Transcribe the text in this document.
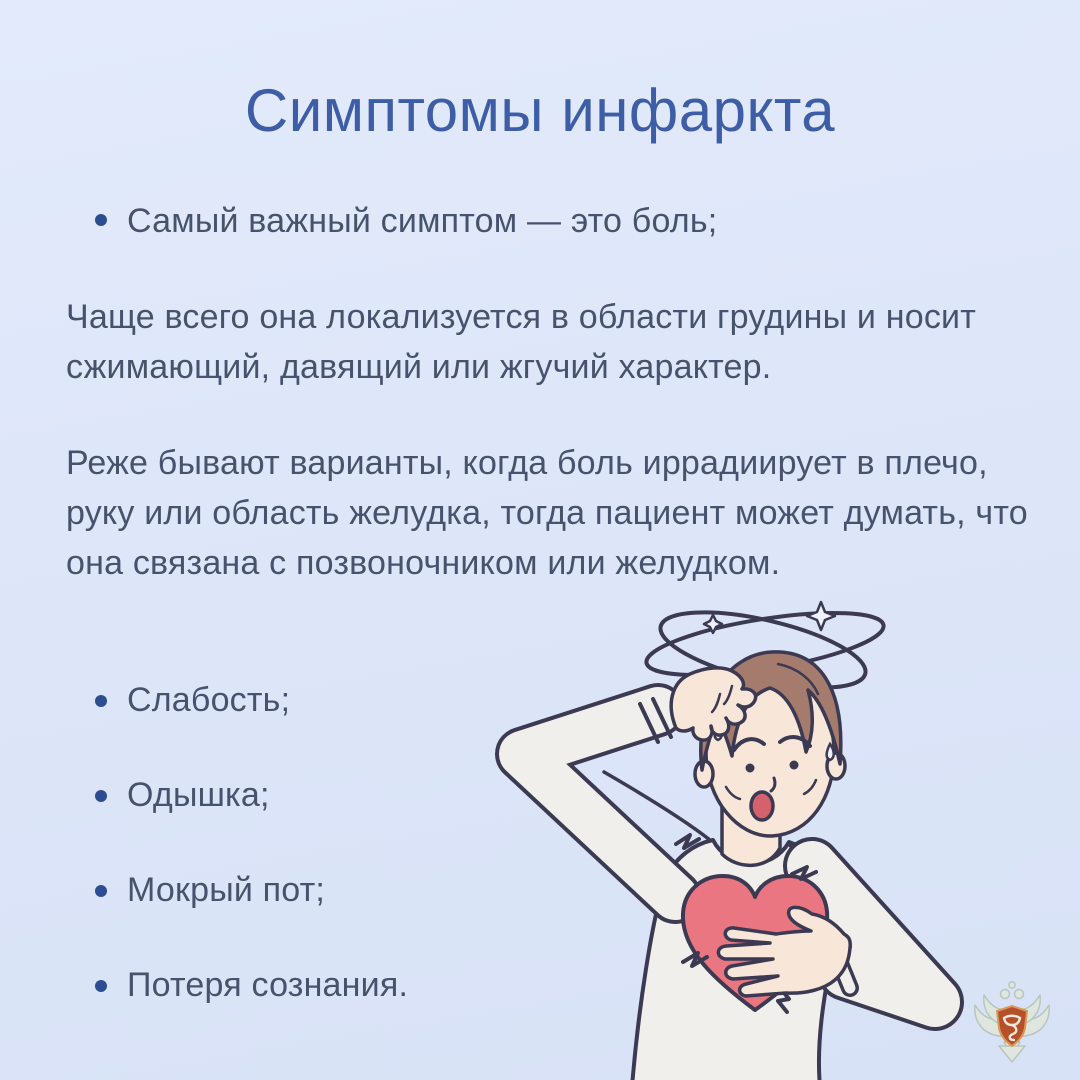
Симптомы инфаркта
Самый важный симптом — это боль;

Чаще всего она локализуется в области грудины и носит сжимающий, давящий или жгучий характер.

Реже бывают варианты, когда боль иррадиирует в плечо, руку или область желудка, тогда пациент может думать, что она связана с позвоночником или желудком.

Слабость;
Одышка;
Мокрый пот;
Потеря сознания.
